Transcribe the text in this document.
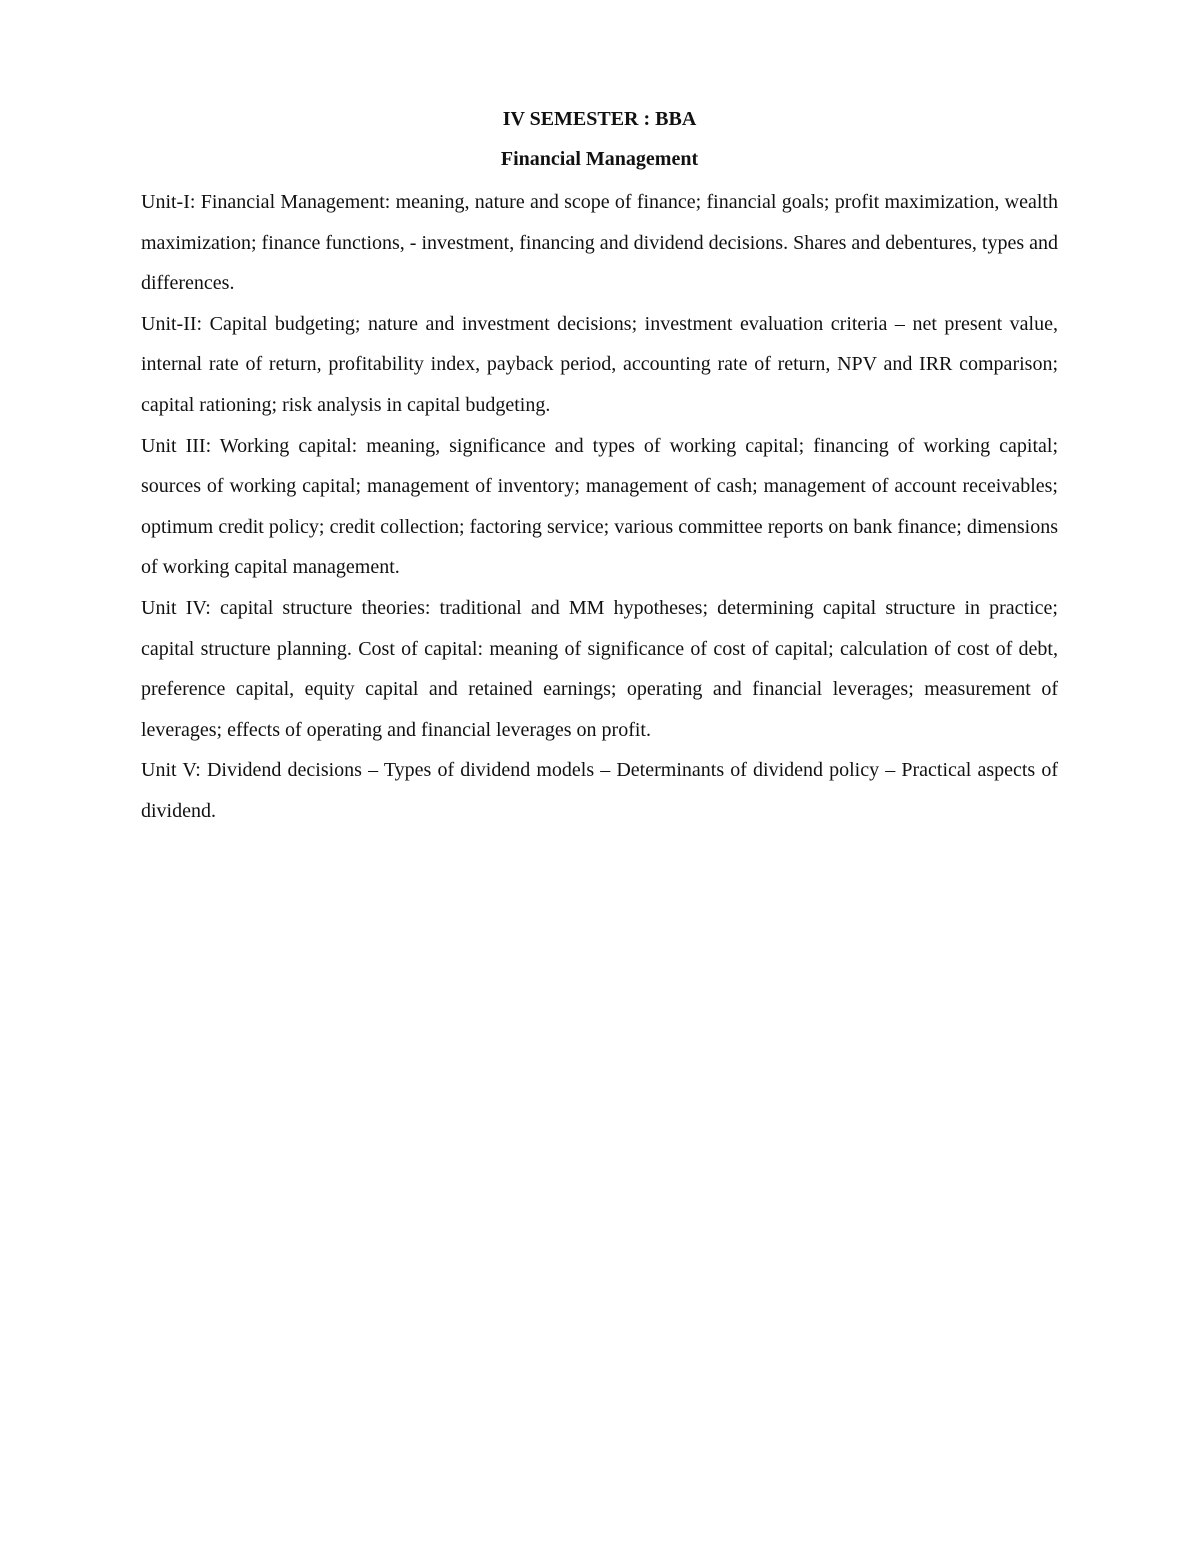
IV SEMESTER : BBA
Financial Management

Unit-I: Financial Management: meaning, nature and scope of finance; financial goals; profit maximization, wealth maximization; finance functions, - investment, financing and dividend decisions. Shares and debentures, types and differences.

Unit-II: Capital budgeting; nature and investment decisions; investment evaluation criteria – net present value, internal rate of return, profitability index, payback period, accounting rate of return, NPV and IRR comparison; capital rationing; risk analysis in capital budgeting.

Unit III: Working capital: meaning, significance and types of working capital; financing of working capital; sources of working capital; management of inventory; management of cash; management of account receivables; optimum credit policy; credit collection; factoring service; various committee reports on bank finance; dimensions of working capital management.

Unit IV: capital structure theories: traditional and MM hypotheses; determining capital structure in practice; capital structure planning. Cost of capital: meaning of significance of cost of capital; calculation of cost of debt, preference capital, equity capital and retained earnings; operating and financial leverages; measurement of leverages; effects of operating and financial leverages on profit.

Unit V: Dividend decisions – Types of dividend models – Determinants of dividend policy – Practical aspects of dividend.
